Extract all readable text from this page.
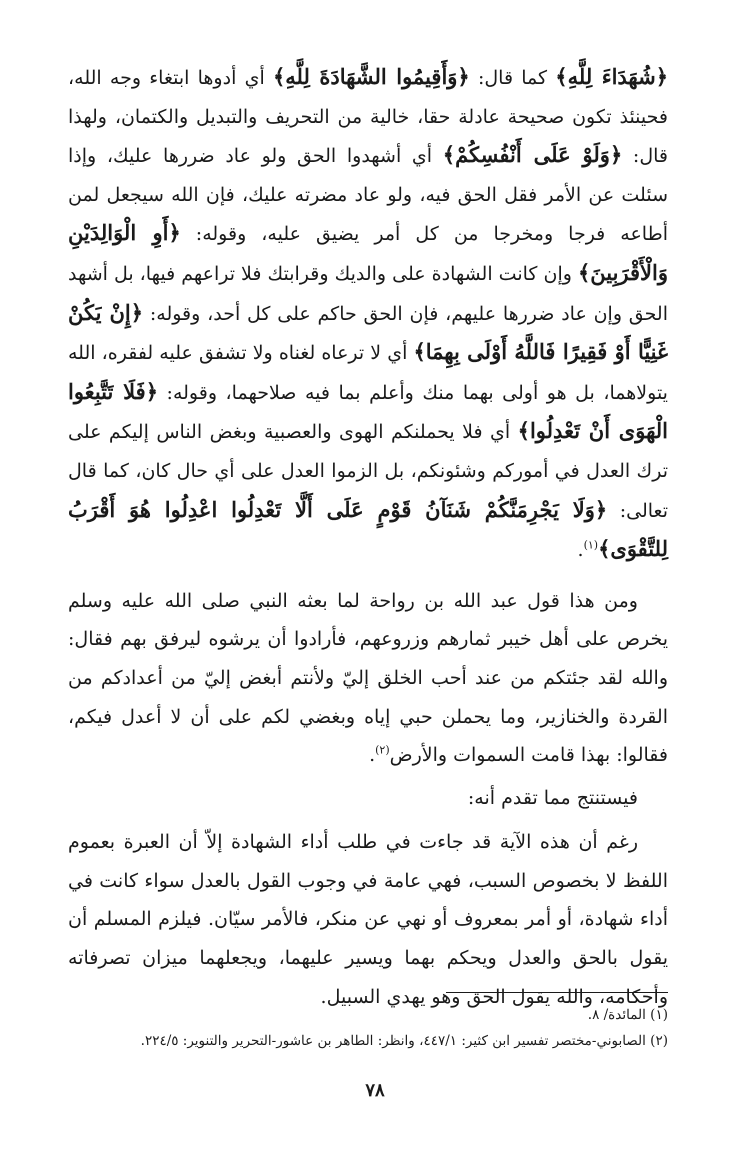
﴿شُهَدَاءَ لِلَّهِ﴾ كما قال: ﴿وَأَقِيمُوا الشَّهَادَةَ لِلَّهِ﴾ أي أدوها ابتغاء وجه الله، فحينئذ تكون صحيحة عادلة حقا، خالية من التحريف والتبديل والكتمان، ولهذا قال: ﴿وَلَوْ عَلَى أَنْفُسِكُمْ﴾ أي أشهدوا الحق ولو عاد ضررها عليك، وإذا سئلت عن الأمر فقل الحق فيه، ولو عاد مضرته عليك، فإن الله سيجعل لمن أطاعه فرجا ومخرجا من كل أمر يضيق عليه، وقوله: ﴿أَوِ الْوَالِدَيْنِ وَالْأَقْرَبِينَ﴾ وإن كانت الشهادة على والديك وقرابتك فلا تراعهم فيها، بل أشهد الحق وإن عاد ضررها عليهم، فإن الحق حاكم على كل أحد، وقوله: ﴿إِنْ يَكُنْ غَنِيًّا أَوْ فَقِيرًا فَاللَّهُ أَوْلَى بِهِمَا﴾ أي لا ترعاه لغناه ولا تشفق عليه لفقره، الله يتولاهما، بل هو أولى بهما منك وأعلم بما فيه صلاحهما، وقوله: ﴿فَلَا تَتَّبِعُوا الْهَوَى أَنْ تَعْدِلُوا﴾ أي فلا يحملنكم الهوى والعصبية وبغض الناس إليكم على ترك العدل في أموركم وشئونكم، بل الزموا العدل على أي حال كان، كما قال تعالى: ﴿وَلَا يَجْرِمَنَّكُمْ شَنَآنُ قَوْمٍ عَلَى أَلَّا تَعْدِلُوا اعْدِلُوا هُوَ أَقْرَبُ لِلتَّقْوَى﴾$^{(١)}$.

ومن هذا قول عبد الله بن رواحة لما بعثه النبي صلى الله عليه وسلم يخرص على أهل خيبر ثمارهم وزروعهم، فأرادوا أن يرشوه ليرفق بهم فقال: والله لقد جئتكم من عند أحب الخلق إليّ ولأنتم أبغض إليّ من أعدادكم من القردة والخنازير، وما يحملن حبي إياه وبغضي لكم على أن لا أعدل فيكم، فقالوا: بهذا قامت السموات والأرض$^{(٢)}$.

فيستنتج مما تقدم أنه:

رغم أن هذه الآية قد جاءت في طلب أداء الشهادة إلاّ أن العبرة بعموم اللفظ لا بخصوص السبب، فهي عامة في وجوب القول بالعدل سواء كانت في أداء شهادة، أو أمر بمعروف أو نهي عن منكر، فالأمر سيّان. فيلزم المسلم أن يقول بالحق والعدل ويحكم بهما ويسير عليهما، ويجعلهما ميزان تصرفاته وأحكامه، والله يقول الحق وهو يهدي السبيل.

(١) المائدة/ ٨.

(٢) الصابوني-مختصر تفسير ابن كثير: ٤٤٧/١، وانظر: الطاهر بن عاشور-التحرير والتنوير: ٢٢٤/٥.

٧٨
